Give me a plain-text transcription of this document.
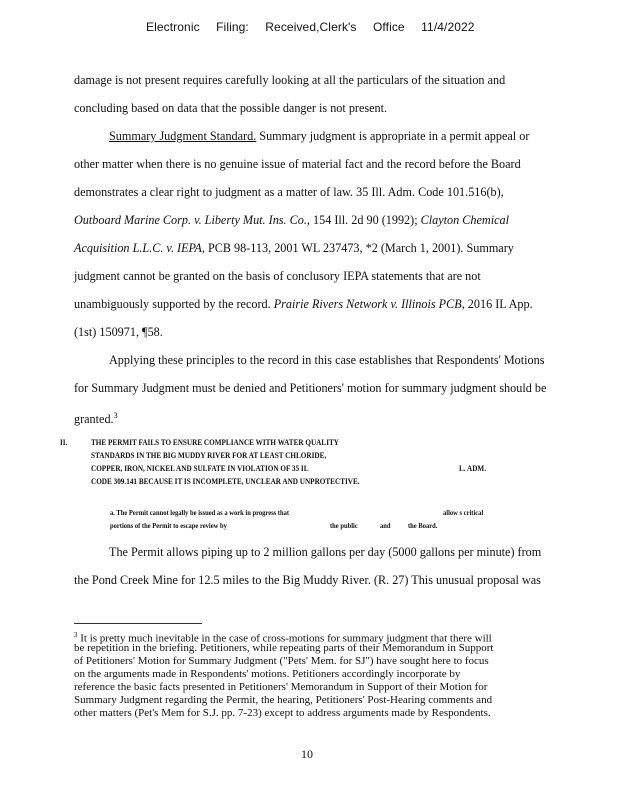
Electronic Filing: Received,Clerk's Office 11/4/2022
damage is not present requires carefully looking at all the particulars of the situation and
concluding based on data that the possible danger is not present.
Summary Judgment Standard. Summary judgment is appropriate in a permit appeal or
other matter when there is no genuine issue of material fact and the record before the Board
demonstrates a clear right to judgment as a matter of law. 35 Ill. Adm. Code 101.516(b),
Outboard Marine Corp. v. Liberty Mut. Ins. Co., 154 Ill. 2d 90 (1992); Clayton Chemical
Acquisition L.L.C. v. IEPA, PCB 98-113, 2001 WL 237473, *2 (March 1, 2001). Summary
judgment cannot be granted on the basis of conclusory IEPA statements that are not
unambiguously supported by the record. Prairie Rivers Network v. Illinois PCB, 2016 IL App.
(1st) 150971, ¶58.
Applying these principles to the record in this case establishes that Respondents' Motions
for Summary Judgment must be denied and Petitioners' motion for summary judgment should be
granted.$^3$
II.	THE PERMIT FAILS TO ENSURE COMPLIANCE WITH WATER QUALITY
STANDARDS IN THE BIG MUDDY RIVER FOR AT LEAST CHLORIDE,
COPPER, IRON, NICKEL AND SULFATE IN VIOLATION OF 35 IL	L. ADM.
CODE 309.141 BECAUSE IT IS INCOMPLETE, UNCLEAR AND UNPROTECTIVE.
a. The Permit cannot legally be issued as a work in progress that	allow s critical
portions of the Permit to escape review by	the public	and the Board.
The Permit allows piping up to 2 million gallons per day (5000 gallons per minute) from
the Pond Creek Mine for 12.5 miles to the Big Muddy River. (R. 27) This unusual proposal was
$^3$ It is pretty much inevitable in the case of cross-motions for summary judgment that there will
be repetition in the briefing. Petitioners, while repeating parts of their Memorandum in Support
of Petitioners' Motion for Summary Judgment ("Pets' Mem. for SJ") have sought here to focus
on the arguments made in Respondents' motions. Petitioners accordingly incorporate by
reference the basic facts presented in Petitioners' Memorandum in Support of their Motion for
Summary Judgment regarding the Permit, the hearing, Petitioners' Post-Hearing comments and
other matters (Pet's Mem for S.J. pp. 7-23) except to address arguments made by Respondents.
10
